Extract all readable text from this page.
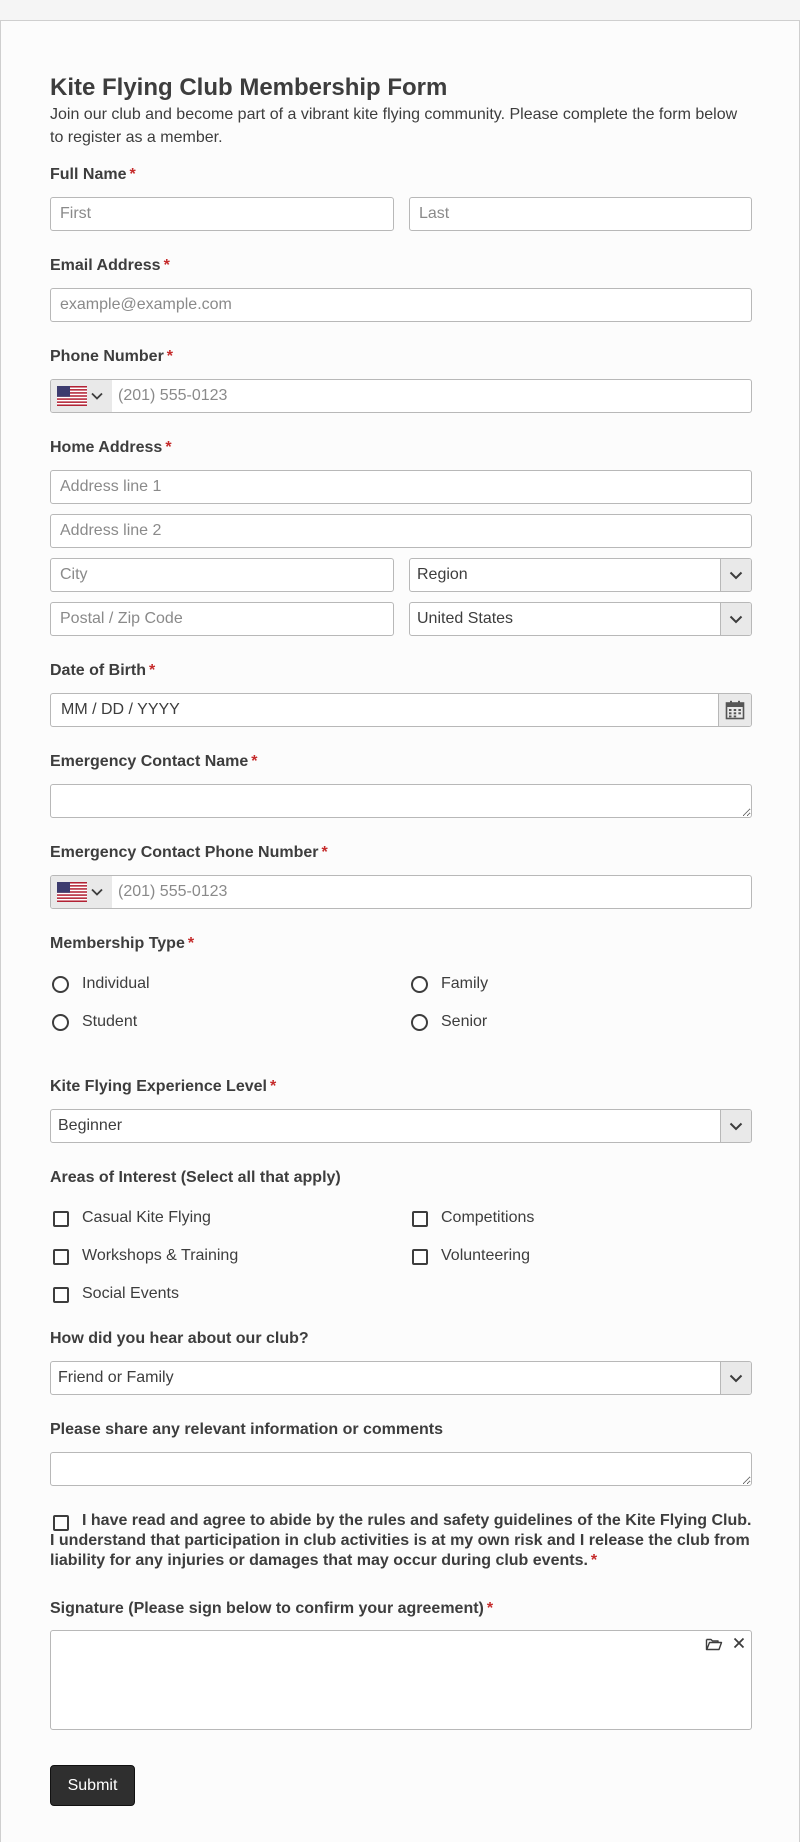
Kite Flying Club Membership Form
Join our club and become part of a vibrant kite flying community. Please complete the form below to register as a member.
Full Name *
First
Last
Email Address *
example@example.com
Phone Number *
(201) 555-0123
Home Address *
Address line 1
Address line 2
City
Region
Postal / Zip Code
United States
Date of Birth *
MM / DD / YYYY
Emergency Contact Name *
Emergency Contact Phone Number *
(201) 555-0123
Membership Type *
Individual	Family
Student	Senior
Kite Flying Experience Level *
Beginner
Areas of Interest (Select all that apply)
Casual Kite Flying	Competitions
Workshops & Training	Volunteering
Social Events
How did you hear about our club?
Friend or Family
Please share any relevant information or comments
I have read and agree to abide by the rules and safety guidelines of the Kite Flying Club. I understand that participation in club activities is at my own risk and I release the club from liability for any injuries or damages that may occur during club events. *
Signature (Please sign below to confirm your agreement) *
Submit
